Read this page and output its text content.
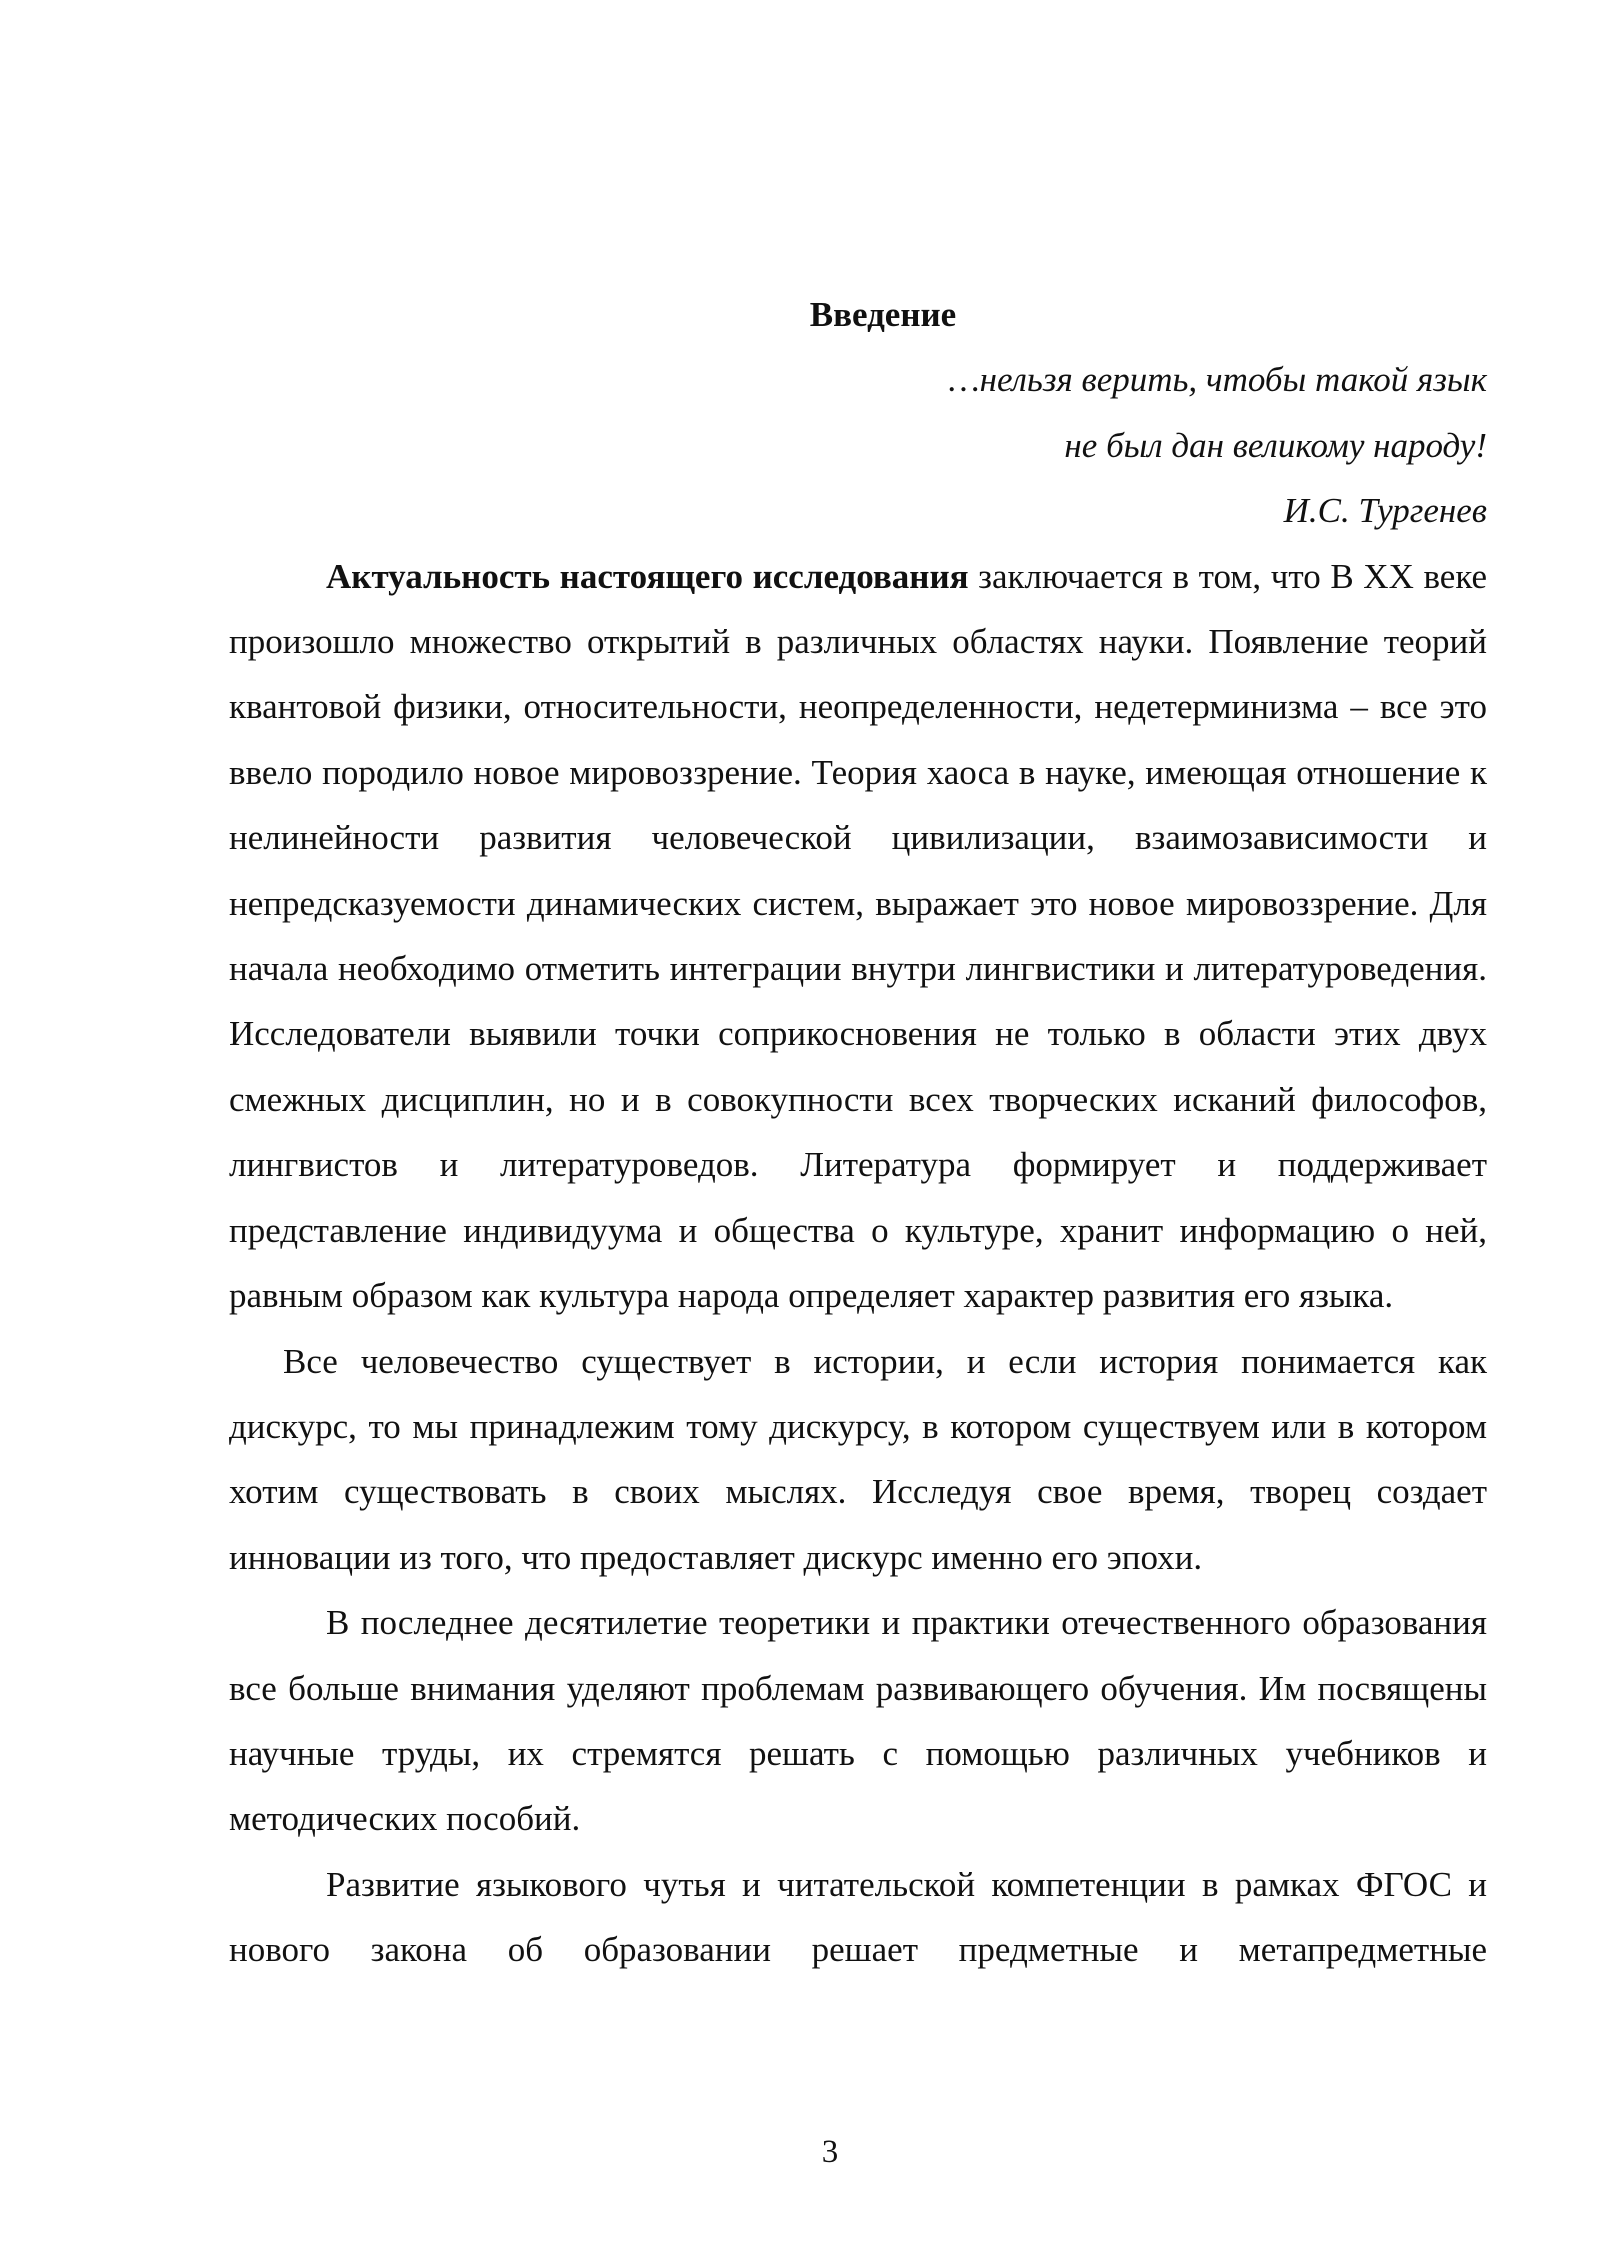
Введение

…нельзя верить, чтобы такой язык
не был дан великому народу!
И.С. Тургенев

Актуальность настоящего исследования заключается в том, что В XX веке произошло множество открытий в различных областях науки. Появление теорий квантовой физики, относительности, неопределенности, недетерминизма – все это ввело породило новое мировоззрение. Теория хаоса в науке, имеющая отношение к нелинейности развития человеческой цивилизации, взаимозависимости и непредсказуемости динамических систем, выражает это новое мировоззрение. Для начала необходимо отметить интеграции внутри лингвистики и литературоведения. Исследователи выявили точки соприкосновения не только в области этих двух смежных дисциплин, но и в совокупности всех творческих исканий философов, лингвистов и литературоведов. Литература формирует и поддерживает представление индивидуума и общества о культуре, хранит информацию о ней, равным образом как культура народа определяет характер развития его языка.

Все человечество существует в истории, и если история понимается как дискурс, то мы принадлежим тому дискурсу, в котором существуем или в котором хотим существовать в своих мыслях. Исследуя свое время, творец создает инновации из того, что предоставляет дискурс именно его эпохи.

В последнее десятилетие теоретики и практики отечественного образования все больше внимания уделяют проблемам развивающего обучения. Им посвящены научные труды, их стремятся решать с помощью различных учебников и методических пособий.

Развитие языкового чутья и читательской компетенции в рамках ФГОС и нового закона об образовании решает предметные и метапредметные

3
